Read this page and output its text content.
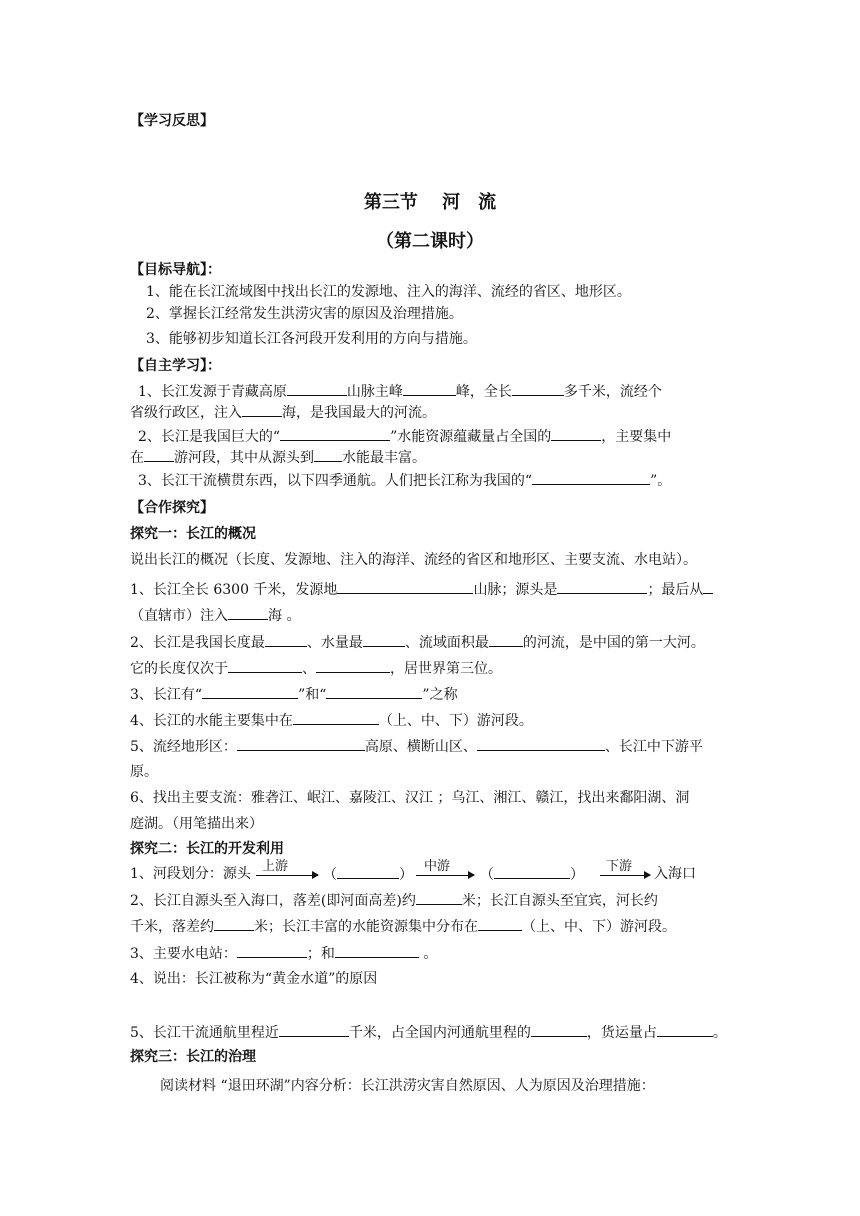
【学习反思】
第三节　 河　流
（第二课时）
【目标导航】：
1、能在长江流域图中找出长江的发源地、注入的海洋、流经的省区、地形区。
2、掌握长江经常发生洪涝灾害的原因及治理措施。
3、能够初步知道长江各河段开发利用的方向与措施。
【自主学习】：
1、长江发源于青藏高原	山脉主峰	峰，全长	多千米，流经个
省级行政区，注入	海，是我国最大的河流。
2、长江是我国巨大的“	”水能资源蕴藏量占全国的	，主要集中
在 游河段，其中从源头到 水能最丰富。
3、长江干流横贯东西，以下四季通航。人们把长江称为我国的“	”。
【合作探究】
探究一：长江的概况
说出长江的概况（长度、发源地、注入的海洋、流经的省区和地形区、主要支流、水电站）。
1、长江全长 6300 千米，发源地	山脉；源头是	；最后从
（直辖市）注入	海 。
2、长江是我国长度最	、水量最	、流域面积最 的河流，是中国的第一大河。
它的长度仅次于	、	，居世界第三位。
3、长江有“	”和“	”之称
4、长江的水能主要集中在	（上、中、下）游河段。
5、流经地形区：	高原、横断山区、	、长江中下游平
原。
6、找出主要支流：雅砻江、岷江、嘉陵江、汉江 ；乌江、湘江、赣江，找出来鄱阳湖、洞
庭湖。（用笔描出来）
探究二：长江的开发利用
1、河段划分：源头 上游
（	）
中游
（	）
下游 入海口
2、长江自源头至入海口，落差(即河面高差)约	米；长江自源头至宜宾，河长约
千米，落差约	米；长江丰富的水能资源集中分布在	（上、中、下）游河段。
3、主要水电站：	；和	。
4、说出：长江被称为“黄金水道”的原因
5、长江干流通航里程近	千米，占全国内河通航里程的	，货运量占	。
探究三：长江的治理
阅读材料 “退田环湖”内容分析：长江洪涝灾害自然原因、人为原因及治理措施：
